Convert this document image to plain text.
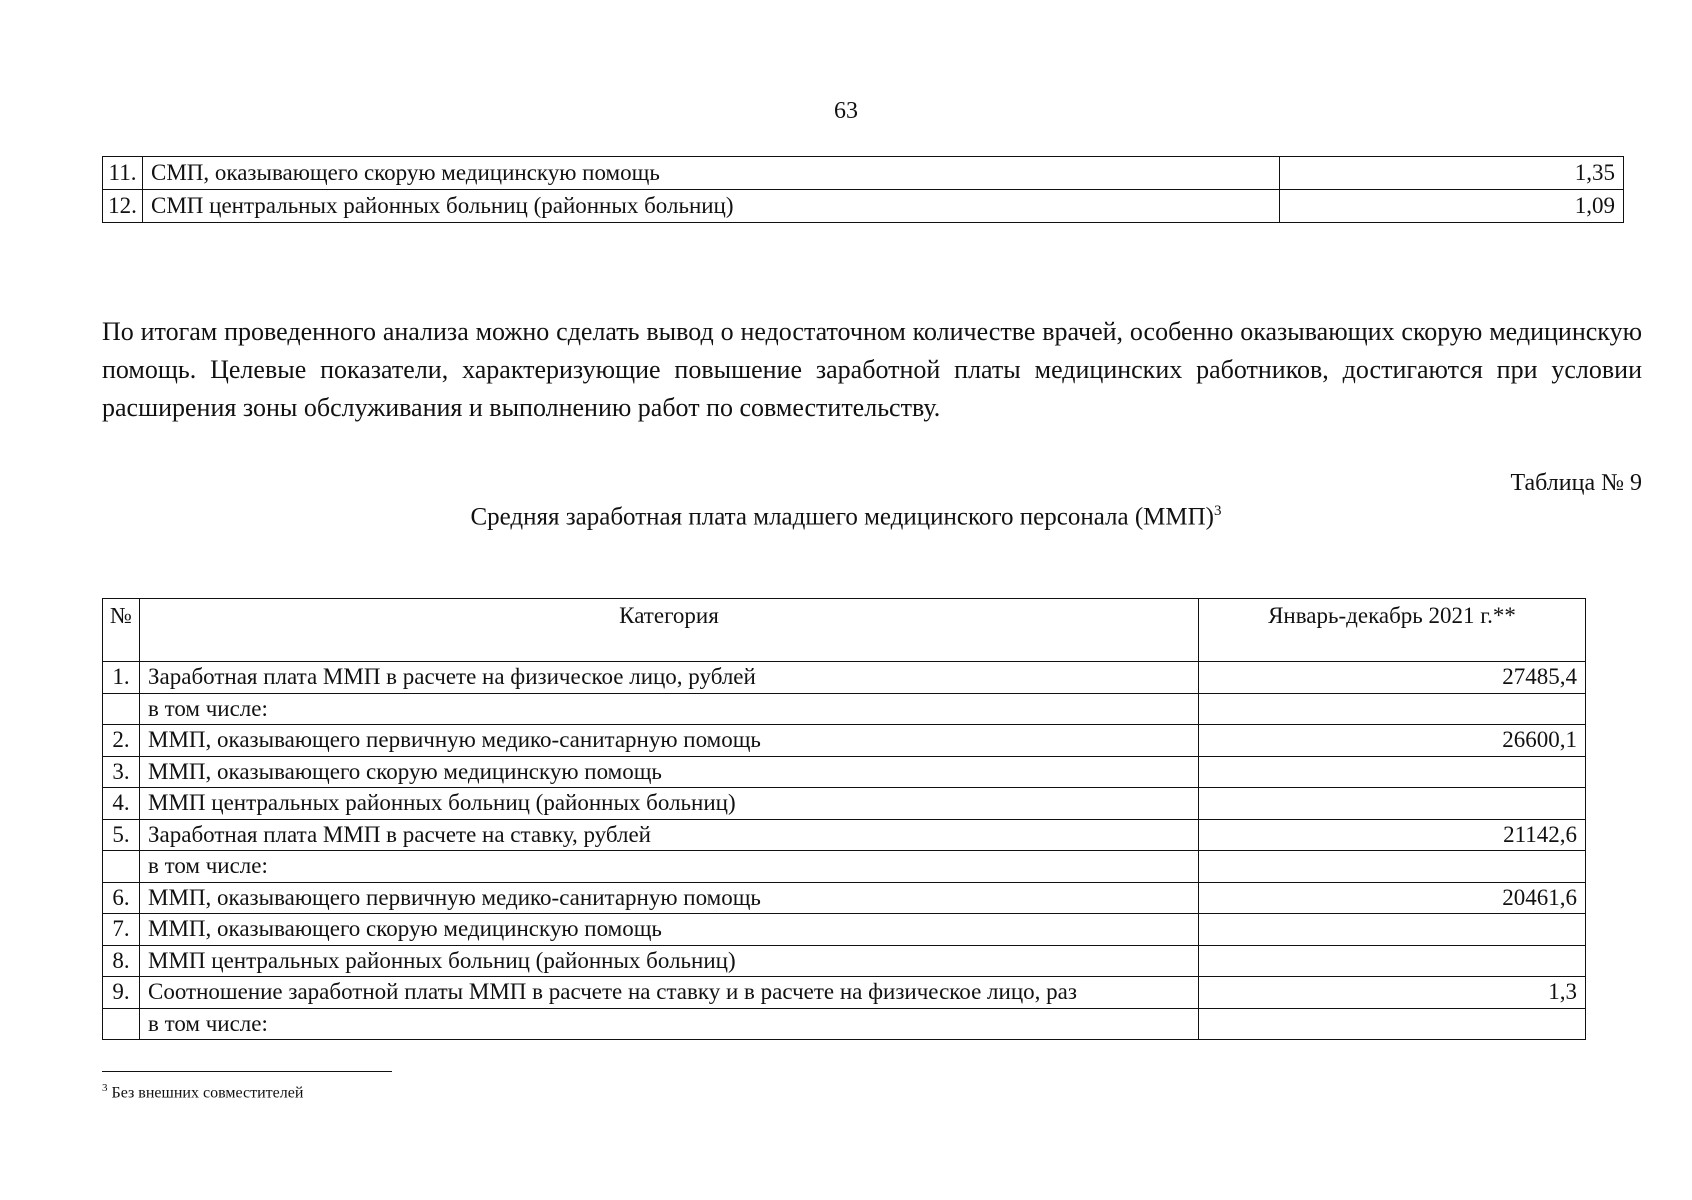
63
11.	СМП, оказывающего скорую медицинскую помощь	1,35
12.	СМП центральных районных больниц (районных больниц)	1,09
По итогам проведенного анализа можно сделать вывод о недостаточном количестве врачей, особенно оказывающих скорую медицинскую помощь. Целевые показатели, характеризующие повышение заработной платы медицинских работников, достигаются при условии расширения зоны обслуживания и выполнению работ по совместительству.
Таблица № 9
Средняя заработная плата младшего медицинского персонала (ММП)$^3$
№	Категория	Январь-декабрь 2021 г.**
1.	Заработная плата ММП в расчете на физическое лицо, рублей	27485,4
	в том числе:	
2.	ММП, оказывающего первичную медико-санитарную помощь	26600,1
3.	ММП, оказывающего скорую медицинскую помощь	
4.	ММП центральных районных больниц (районных больниц)	
5.	Заработная плата ММП в расчете на ставку, рублей	21142,6
	в том числе:	
6.	ММП, оказывающего первичную медико-санитарную помощь	20461,6
7.	ММП, оказывающего скорую медицинскую помощь	
8.	ММП центральных районных больниц (районных больниц)	
9.	Соотношение заработной платы ММП в расчете на ставку и в расчете на физическое лицо, раз	1,3
	в том числе:	
$^3$ Без внешних совместителей
